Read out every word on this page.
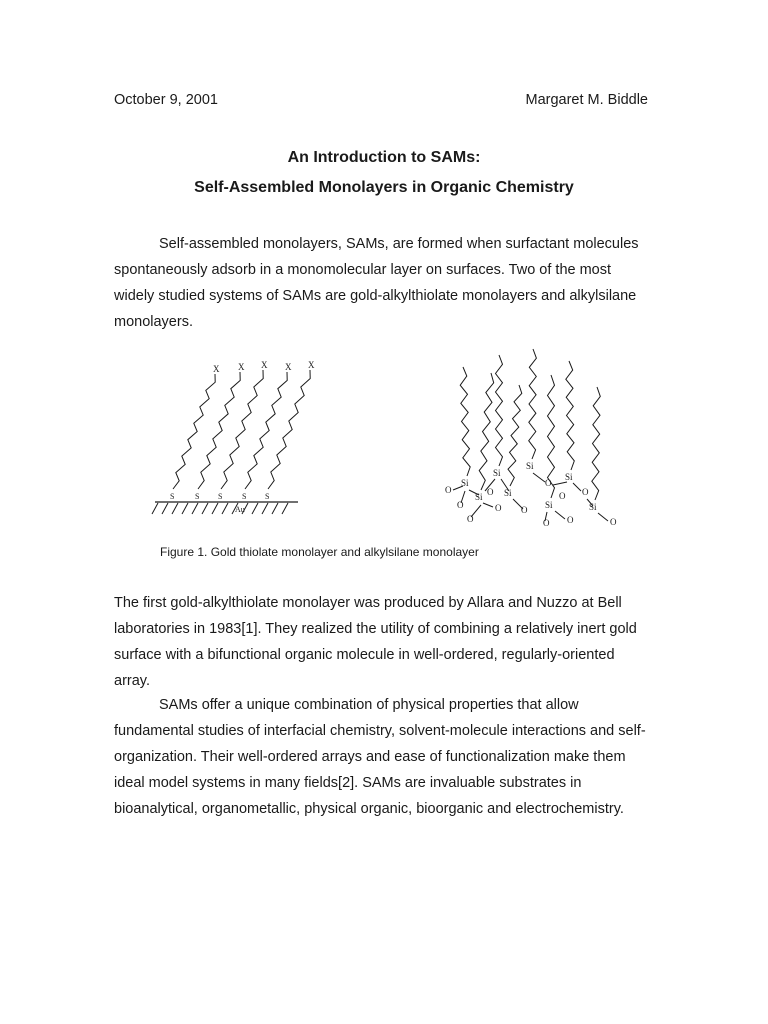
October 9, 2001	Margaret M. Biddle
An Introduction to SAMs:
Self-Assembled Monolayers in Organic Chemistry

Self-assembled monolayers, SAMs, are formed when surfactant molecules spontaneously adsorb in a monomolecular layer on surfaces. Two of the most widely studied systems of SAMs are gold-alkylthiolate monolayers and alkylsilane monolayers.

S
X
S
X
S
X
S
X
S
X
Au
Si
Si
Si
Si
Si
Si
Si	Si
O
O
O
O
O O
O
O
O O
O
O
Figure 1. Gold thiolate monolayer and alkylsilane monolayer

The first gold-alkylthiolate monolayer was produced by Allara and Nuzzo at Bell laboratories in 1983[1]. They realized the utility of combining a relatively inert gold surface with a bifunctional organic molecule in well-ordered, regularly-oriented array.

SAMs offer a unique combination of physical properties that allow fundamental studies of interfacial chemistry, solvent-molecule interactions and self-organization. Their well-ordered arrays and ease of functionalization make them ideal model systems in many fields[2]. SAMs are invaluable substrates in bioanalytical, organometallic, physical organic, bioorganic and electrochemistry.
